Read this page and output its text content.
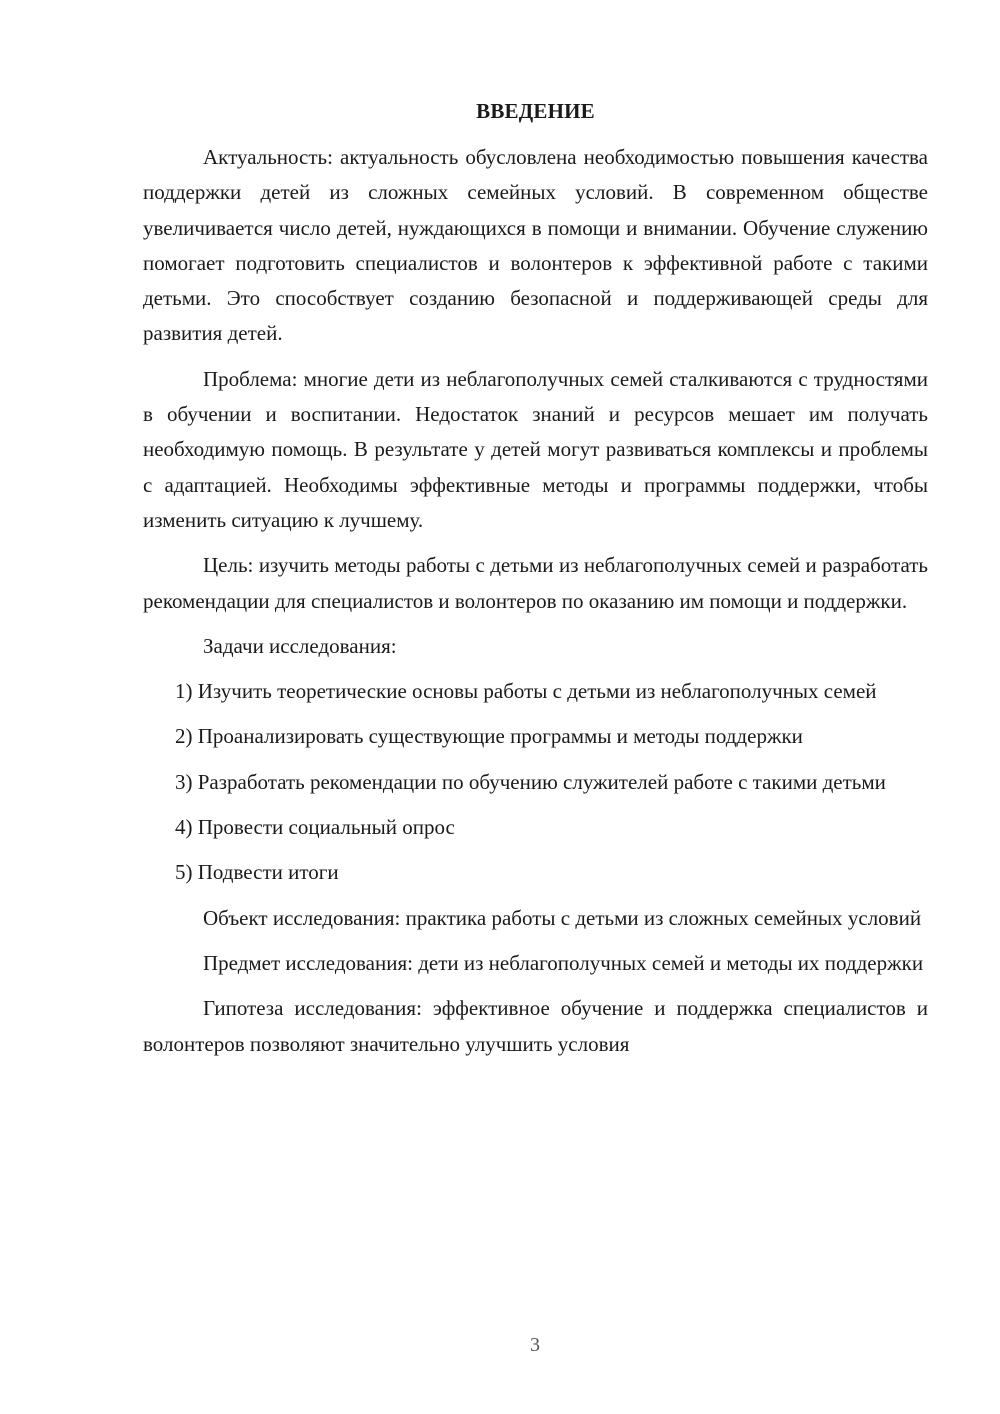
ВВЕДЕНИЕ

Актуальность: актуальность обусловлена необходимостью повышения качества поддержки детей из сложных семейных условий. В современном обществе увеличивается число детей, нуждающихся в помощи и внимании. Обучение служению помогает подготовить специалистов и волонтеров к эффективной работе с такими детьми. Это способствует созданию безопасной и поддерживающей среды для развития детей.

Проблема: многие дети из неблагополучных семей сталкиваются с трудностями в обучении и воспитании. Недостаток знаний и ресурсов мешает им получать необходимую помощь. В результате у детей могут развиваться комплексы и проблемы с адаптацией. Необходимы эффективные методы и программы поддержки, чтобы изменить ситуацию к лучшему.

Цель: изучить методы работы с детьми из неблагополучных семей и разработать рекомендации для специалистов и волонтеров по оказанию им помощи и поддержки.

Задачи исследования:

1) Изучить теоретические основы работы с детьми из неблагополучных семей

2) Проанализировать существующие программы и методы поддержки

3) Разработать рекомендации по обучению служителей работе с такими детьми

4) Провести социальный опрос

5) Подвести итоги

Объект исследования: практика работы с детьми из сложных семейных условий

Предмет исследования: дети из неблагополучных семей и методы их поддержки

Гипотеза исследования: эффективное обучение и поддержка специалистов и волонтеров позволяют значительно улучшить условия

3
